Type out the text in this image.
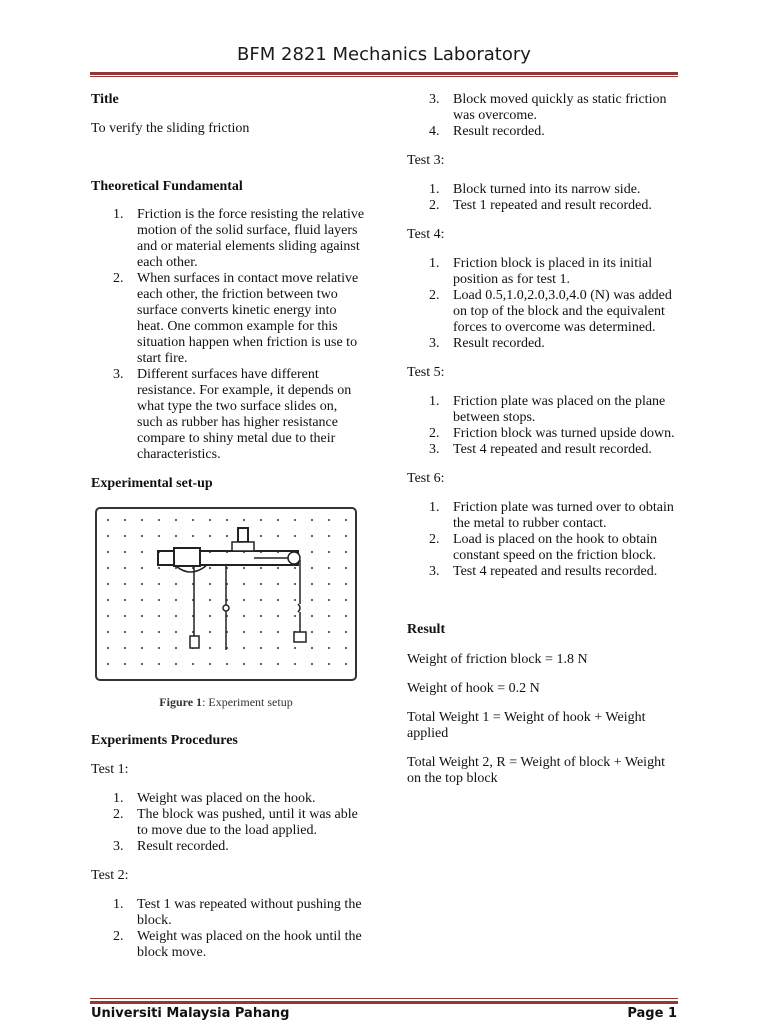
BFM 2821 Mechanics Laboratory

Title

To verify the sliding friction

Theoretical Fundamental

1. Friction is the force resisting the relative motion of the solid surface, fluid layers and or material elements sliding against each other.
2. When surfaces in contact move relative each other, the friction between two surface converts kinetic energy into heat. One common example for this situation happen when friction is use to start fire.
3. Different surfaces have different resistance. For example, it depends on what type the two surface slides on, such as rubber has higher resistance compare to shiny metal due to their characteristics.

Experimental set-up

Figure 1: Experiment setup

Experiments Procedures

Test 1:

1. Weight was placed on the hook.
2. The block was pushed, until it was able to move due to the load applied.
3. Result recorded.

Test 2:

1. Test 1 was repeated without pushing the block.
2. Weight was placed on the hook until the block move.
3. Block moved quickly as static friction was overcome.
4. Result recorded.

Test 3:

1. Block turned into its narrow side.
2. Test 1 repeated and result recorded.

Test 4:

1. Friction block is placed in its initial position as for test 1.
2. Load 0.5,1.0,2.0,3.0,4.0 (N) was added on top of the block and the equivalent forces to overcome was determined.
3. Result recorded.

Test 5:

1. Friction plate was placed on the plane between stops.
2. Friction block was turned upside down.
3. Test 4 repeated and result recorded.

Test 6:

1. Friction plate was turned over to obtain the metal to rubber contact.
2. Load is placed on the hook to obtain constant speed on the friction block.
3. Test 4 repeated and results recorded.

Result

Weight of friction block = 1.8 N

Weight of hook = 0.2 N

Total Weight 1 = Weight of hook + Weight applied

Total Weight 2, R = Weight of block + Weight on the top block

Universiti Malaysia Pahang	Page 1
